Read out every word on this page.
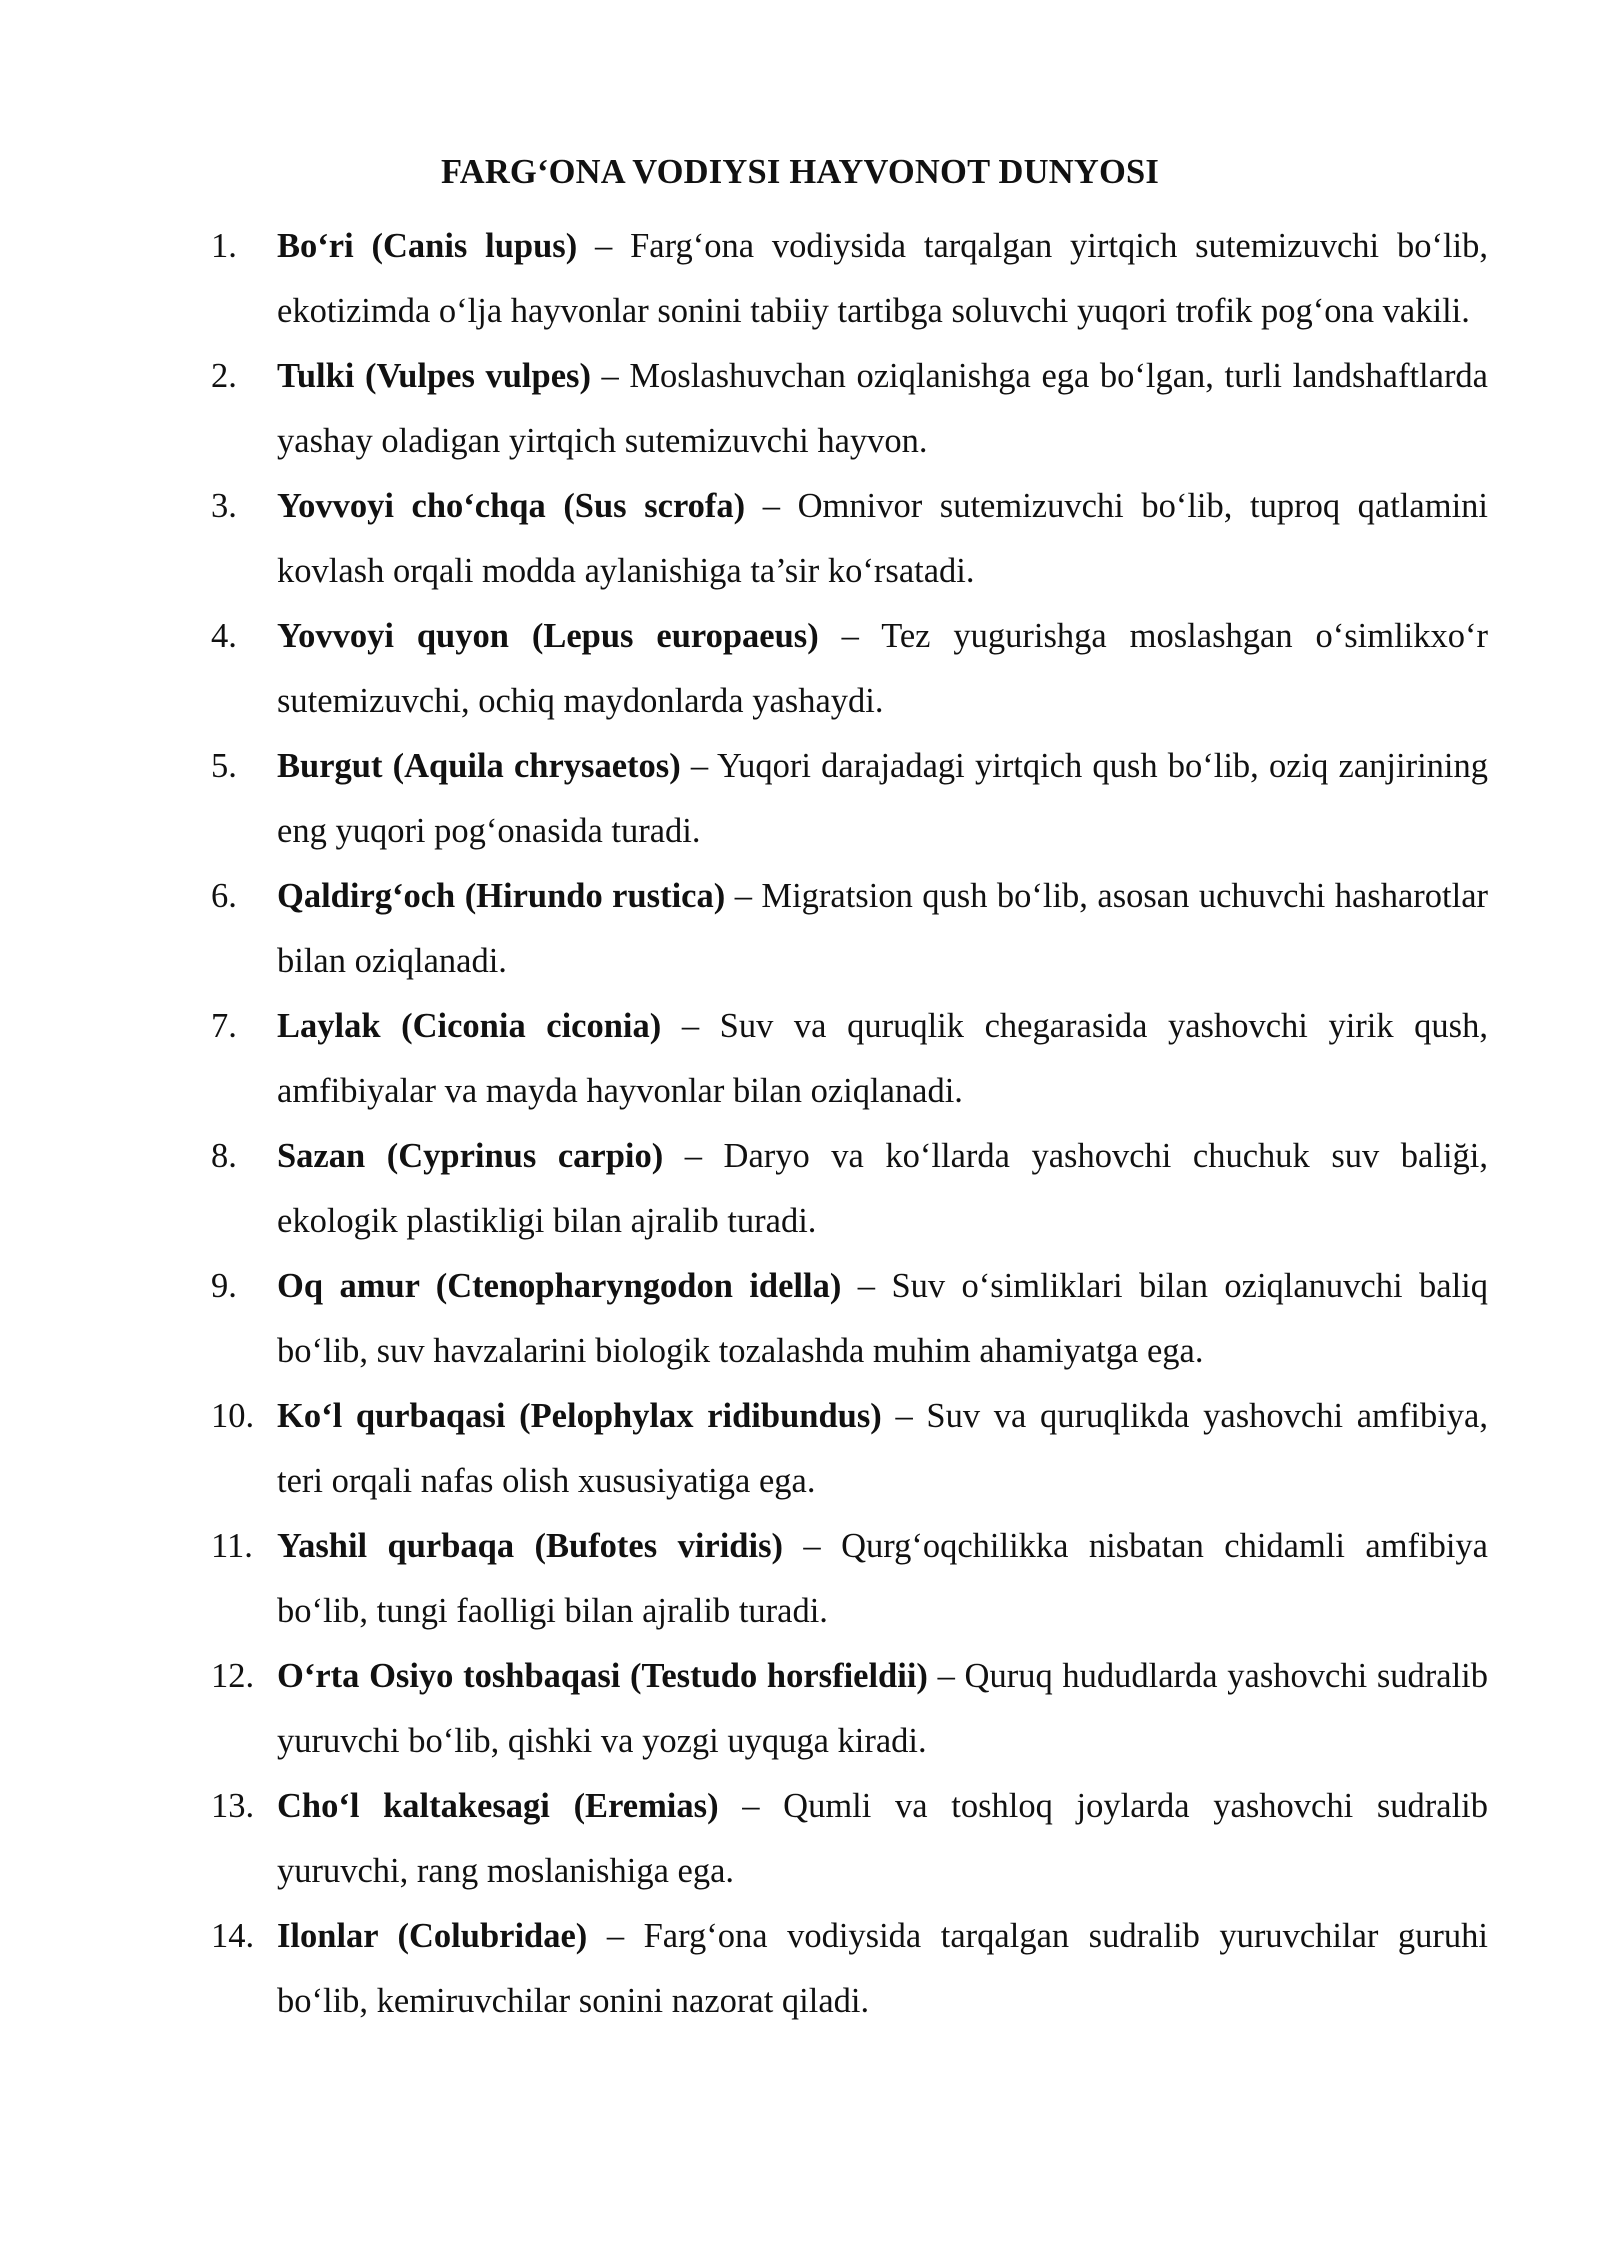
FARG‘ONA VODIYSI HAYVONOT DUNYOSI
1.	Bo‘ri (Canis lupus) – Farg‘ona vodiysida tarqalgan yirtqich sutemizuvchi bo‘lib, ekotizimda o‘lja hayvonlar sonini tabiiy tartibga soluvchi yuqori trofik pog‘ona vakili.
2.	Tulki (Vulpes vulpes) – Moslashuvchan oziqlanishga ega bo‘lgan, turli landshaftlarda yashay oladigan yirtqich sutemizuvchi hayvon.
3.	Yovvoyi cho‘chqa (Sus scrofa) – Omnivor sutemizuvchi bo‘lib, tuproq qatlamini kovlash orqali modda aylanishiga ta’sir ko‘rsatadi.
4.	Yovvoyi quyon (Lepus europaeus) – Tez yugurishga moslashgan o‘simlikxo‘r sutemizuvchi, ochiq maydonlarda yashaydi.
5.	Burgut (Aquila chrysaetos) – Yuqori darajadagi yirtqich qush bo‘lib, oziq zanjirining eng yuqori pog‘onasida turadi.
6.	Qaldirg‘och (Hirundo rustica) – Migratsion qush bo‘lib, asosan uchuvchi hasharotlar bilan oziqlanadi.
7.	Laylak (Ciconia ciconia) – Suv va quruqlik chegarasida yashovchi yirik qush, amfibiyalar va mayda hayvonlar bilan oziqlanadi.
8.	Sazan (Cyprinus carpio) – Daryo va ko‘llarda yashovchi chuchuk suv baliği, ekologik plastikligi bilan ajralib turadi.
9.	Oq amur (Ctenopharyngodon idella) – Suv o‘simliklari bilan oziqlanuvchi baliq bo‘lib, suv havzalarini biologik tozalashda muhim ahamiyatga ega.
10. Ko‘l qurbaqasi (Pelophylax ridibundus) – Suv va quruqlikda yashovchi amfibiya, teri orqali nafas olish xususiyatiga ega.
11. Yashil qurbaqa (Bufotes viridis) – Qurg‘oqchilikka nisbatan chidamli amfibiya bo‘lib, tungi faolligi bilan ajralib turadi.
12. O‘rta Osiyo toshbaqasi (Testudo horsfieldii) – Quruq hududlarda yashovchi sudralib yuruvchi bo‘lib, qishki va yozgi uyquga kiradi.
13. Cho‘l kaltakesagi (Eremias) – Qumli va toshloq joylarda yashovchi sudralib yuruvchi, rang moslanishiga ega.
14. Ilonlar (Colubridae) – Farg‘ona vodiysida tarqalgan sudralib yuruvchilar guruhi bo‘lib, kemiruvchilar sonini nazorat qiladi.
